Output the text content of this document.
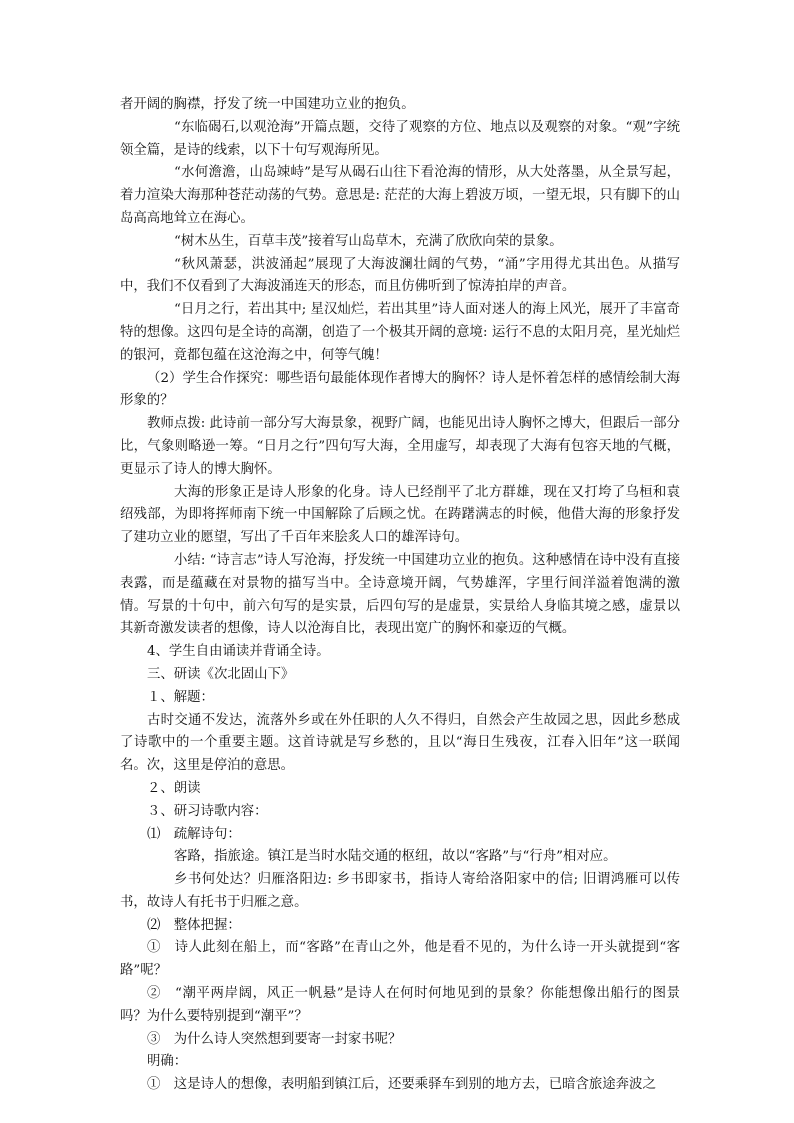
者开阔的胸襟，抒发了统一中国建功立业的抱负。

“东临碣石,以观沧海”开篇点题，交待了观察的方位、地点以及观察的对象。“观”字统领全篇，是诗的线索，以下十句写观海所见。

“水何澹澹，山岛竦峙”是写从碣石山往下看沧海的情形，从大处落墨，从全景写起，着力渲染大海那种苍茫动荡的气势。意思是: 茫茫的大海上碧波万顷，一望无垠，只有脚下的山岛高高地耸立在海心。

“树木丛生，百草丰茂”接着写山岛草木，充满了欣欣向荣的景象。

“秋风萧瑟，洪波涌起”展现了大海波澜壮阔的气势，“涌”字用得尤其出色。从描写中，我们不仅看到了大海波涌连天的形态，而且仿佛听到了惊涛拍岸的声音。

“日月之行，若出其中; 星汉灿烂，若出其里”诗人面对迷人的海上风光，展开了丰富奇特的想像。这四句是全诗的高潮，创造了一个极其开阔的意境: 运行不息的太阳月亮，星光灿烂的银河，竟都包蕴在这沧海之中，何等气魄！

（2）学生合作探究：哪些语句最能体现作者博大的胸怀？诗人是怀着怎样的感情绘制大海形象的？

教师点拨: 此诗前一部分写大海景象，视野广阔，也能见出诗人胸怀之博大，但跟后一部分比，气象则略逊一筹。“日月之行”四句写大海，全用虚写，却表现了大海有包容天地的气概，更显示了诗人的博大胸怀。

大海的形象正是诗人形象的化身。诗人已经削平了北方群雄，现在又打垮了乌桓和袁绍残部，为即将挥师南下统一中国解除了后顾之忧。在踌躇满志的时候，他借大海的形象抒发了建功立业的愿望，写出了千百年来脍炙人口的雄浑诗句。

小结: “诗言志”诗人写沧海，抒发统一中国建功立业的抱负。这种感情在诗中没有直接表露，而是蕴藏在对景物的描写当中。全诗意境开阔，气势雄浑，字里行间洋溢着饱满的激情。写景的十句中，前六句写的是实景，后四句写的是虚景，实景给人身临其境之感，虚景以其新奇激发读者的想像，诗人以沧海自比，表现出宽广的胸怀和豪迈的气概。

4、学生自由诵读并背诵全诗。

三、研读《次北固山下》

１、解题：

古时交通不发达，流落外乡或在外任职的人久不得归，自然会产生故园之思，因此乡愁成了诗歌中的一个重要主题。这首诗就是写乡愁的，且以“海日生残夜，江春入旧年”这一联闻名。次，这里是停泊的意思。

２、朗读

３、研习诗歌内容：

⑴　疏解诗句：

客路，指旅途。镇江是当时水陆交通的枢纽，故以“客路”与“行舟”相对应。

乡书何处达？归雁洛阳边: 乡书即家书，指诗人寄给洛阳家中的信; 旧谓鸿雁可以传书，故诗人有托书于归雁之意。

⑵　整体把握：

①　诗人此刻在船上，而“客路”在青山之外，他是看不见的，为什么诗一开头就提到“客路”呢？

②　“潮平两岸阔，风正一帆悬”是诗人在何时何地见到的景象？你能想像出船行的图景吗？为什么要特别提到“潮平”？

③　为什么诗人突然想到要寄一封家书呢？

明确：

①　这是诗人的想像，表明船到镇江后，还要乘驿车到别的地方去，已暗含旅途奔波之
